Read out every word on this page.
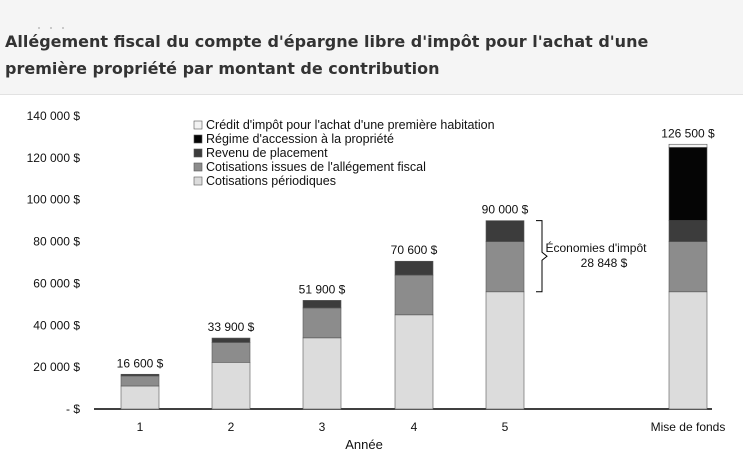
Allégement fiscal du compte d'épargne libre d'impôt pour l'achat d'une première propriété par montant de contribution
- $
20 000 $
40 000 $
60 000 $
80 000 $
100 000 $
120 000 $
140 000 $
16 600 $
1
33 900 $
2
51 900 $
3
70 600 $
4
90 000 $
5
126 500 $
Mise de fonds
Année
Crédit d'impôt pour l'achat d'une première habitation
Régime d'accession à la propriété
Revenu de placement
Cotisations issues de l'allégement fiscal
Cotisations périodiques
Économies d'impôt
28 848 $
